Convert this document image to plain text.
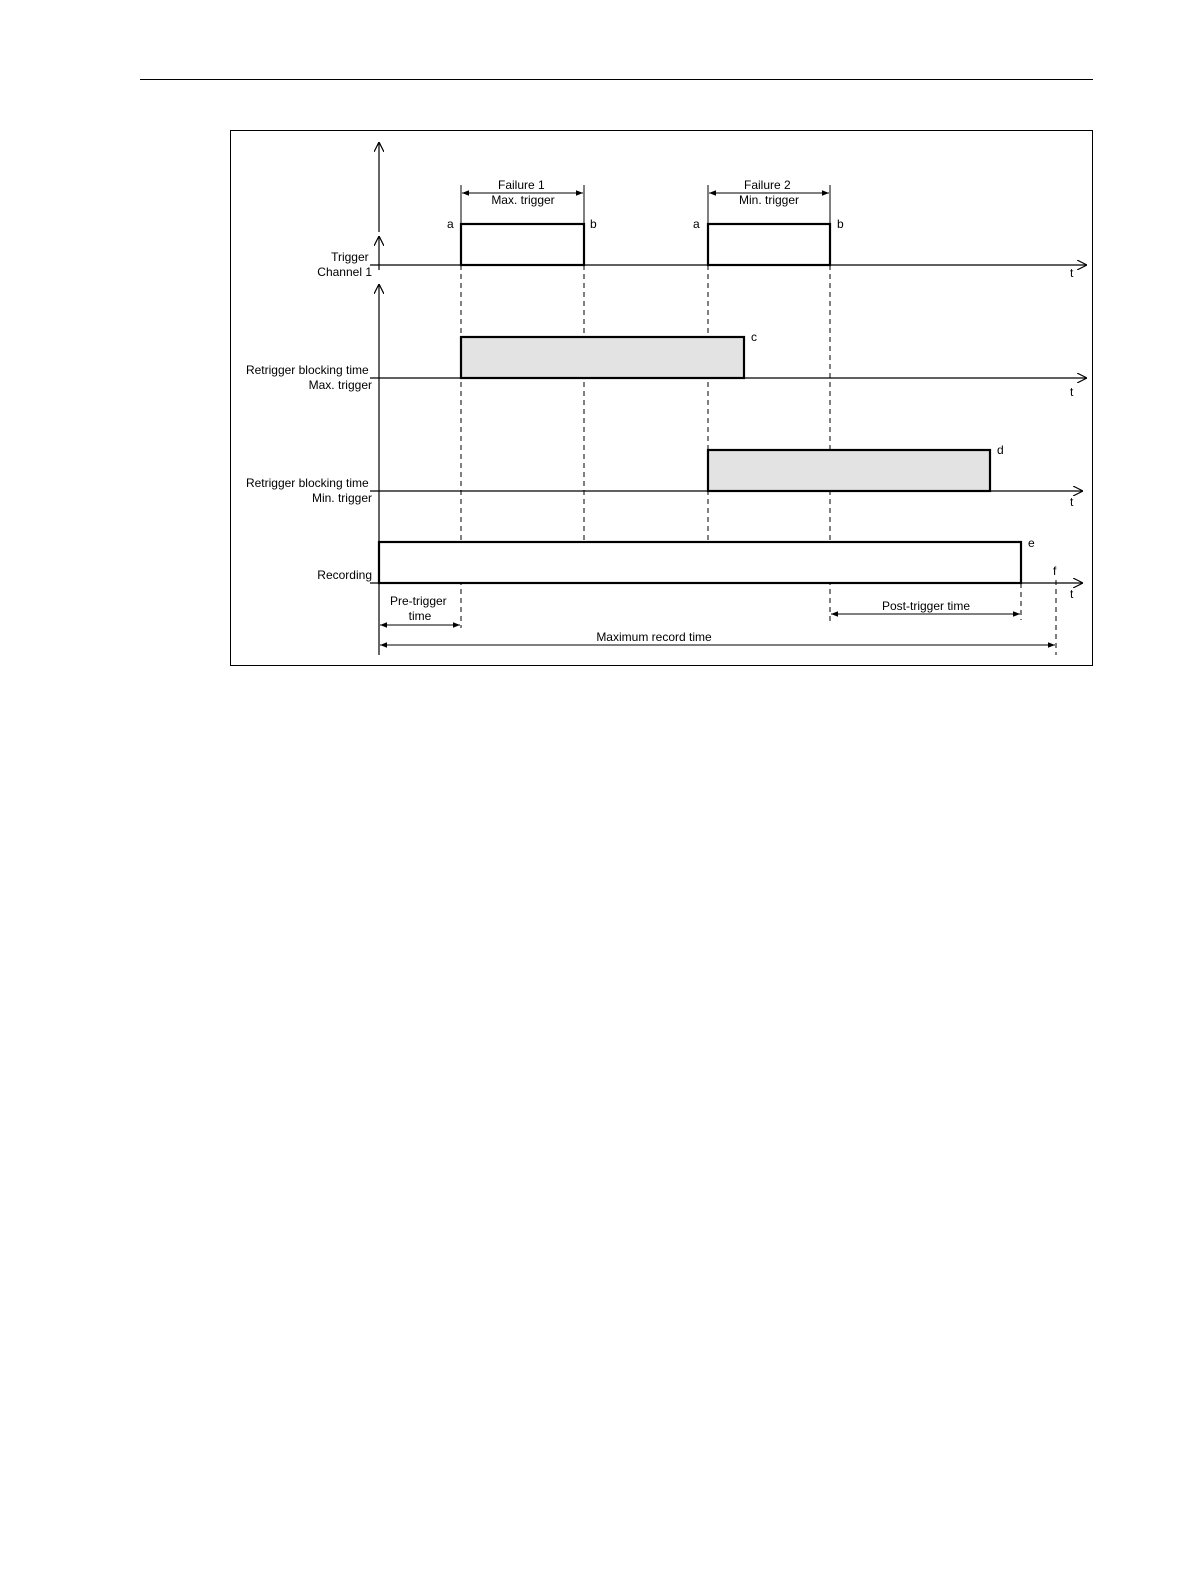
Failure 1 Max. trigger
Failure 2 Min. trigger
Trigger Channel 1
Retrigger blocking time Max. trigger
Retrigger blocking time Min. trigger
Recording
t
t
t
t
a	b	a	b
c
d
e
f
Pre-trigger time
Post-trigger time
Maximum record time
